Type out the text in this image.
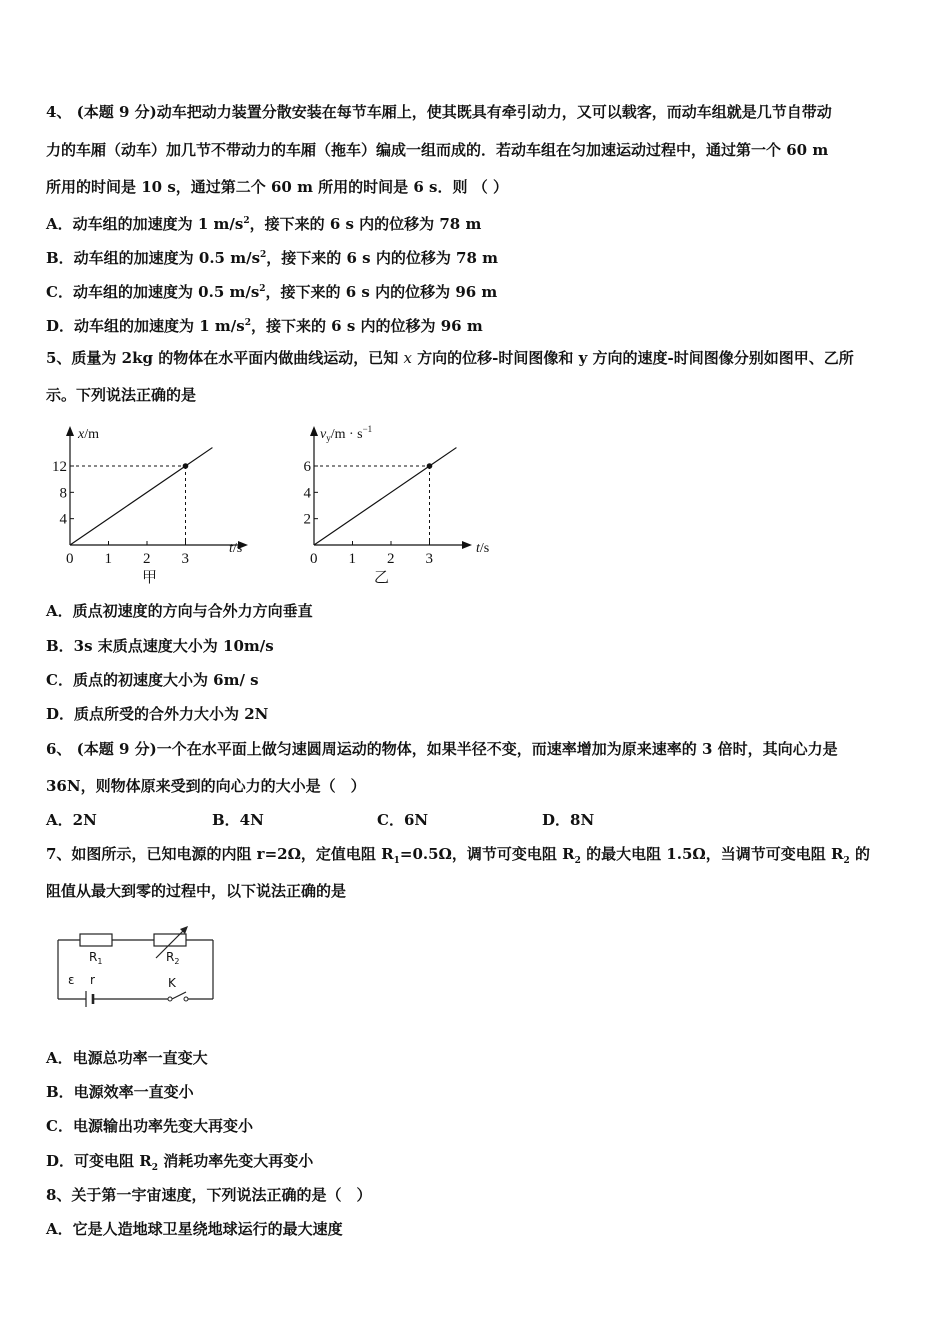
4、 (本题 9 分)动车把动力装置分散安装在每节车厢上，使其既具有牵引动力，又可以载客，而动车组就是几节自带动
力的车厢（动车）加几节不带动力的车厢（拖车）编成一组而成的．若动车组在匀加速运动过程中，通过第一个 60 m
所用的时间是 10 s，通过第二个 60 m 所用的时间是 6 s．则 （ ）
A．动车组的加速度为 1 $m/s^2$，接下来的 6 s 内的位移为 78 m
B．动车组的加速度为 0.5 $m/s^2$，接下来的 6 s 内的位移为 78 m
C．动车组的加速度为 0.5 $m/s^2$，接下来的 6 s 内的位移为 96 m
D．动车组的加速度为 1 $m/s^2$，接下来的 6 s 内的位移为 96 m
5、质量为 2kg 的物体在水平面内做曲线运动，已知 x 方向的位移-时间图像和 y 方向的速度-时间图像分别如图甲、乙所
示。下列说法正确的是
x/m
t/s
甲
0 1 2 3
4
8
12
$v_y/m \cdot s^{-1}$
t/s
乙
0 1 2 3
2
4
6
A．质点初速度的方向与合外力方向垂直
B．3s 末质点速度大小为 10m/s
C．质点的初速度大小为 6m/ s
D．质点所受的合外力大小为 2N
6、 (本题 9 分)一个在水平面上做匀速圆周运动的物体，如果半径不变，而速率增加为原来速率的 3 倍时，其向心力是
36N，则物体原来受到的向心力的大小是（　）
A．2N	B．4N	C．6N	D．8N
7、如图所示，已知电源的内阻 r=2Ω，定值电阻 $R_1=0.5\Omega$，调节可变电阻 $R_2$ 的最大电阻 1.5Ω，当调节可变电阻 $R_2$ 的
阻值从最大到零的过程中，以下说法正确的是
$R_1$	$R_2$
ε r	K
A．电源总功率一直变大
B．电源效率一直变小
C．电源输出功率先变大再变小
D．可变电阻 $R_2$ 消耗功率先变大再变小
8、关于第一宇宙速度，下列说法正确的是（　）
A．它是人造地球卫星绕地球运行的最大速度
